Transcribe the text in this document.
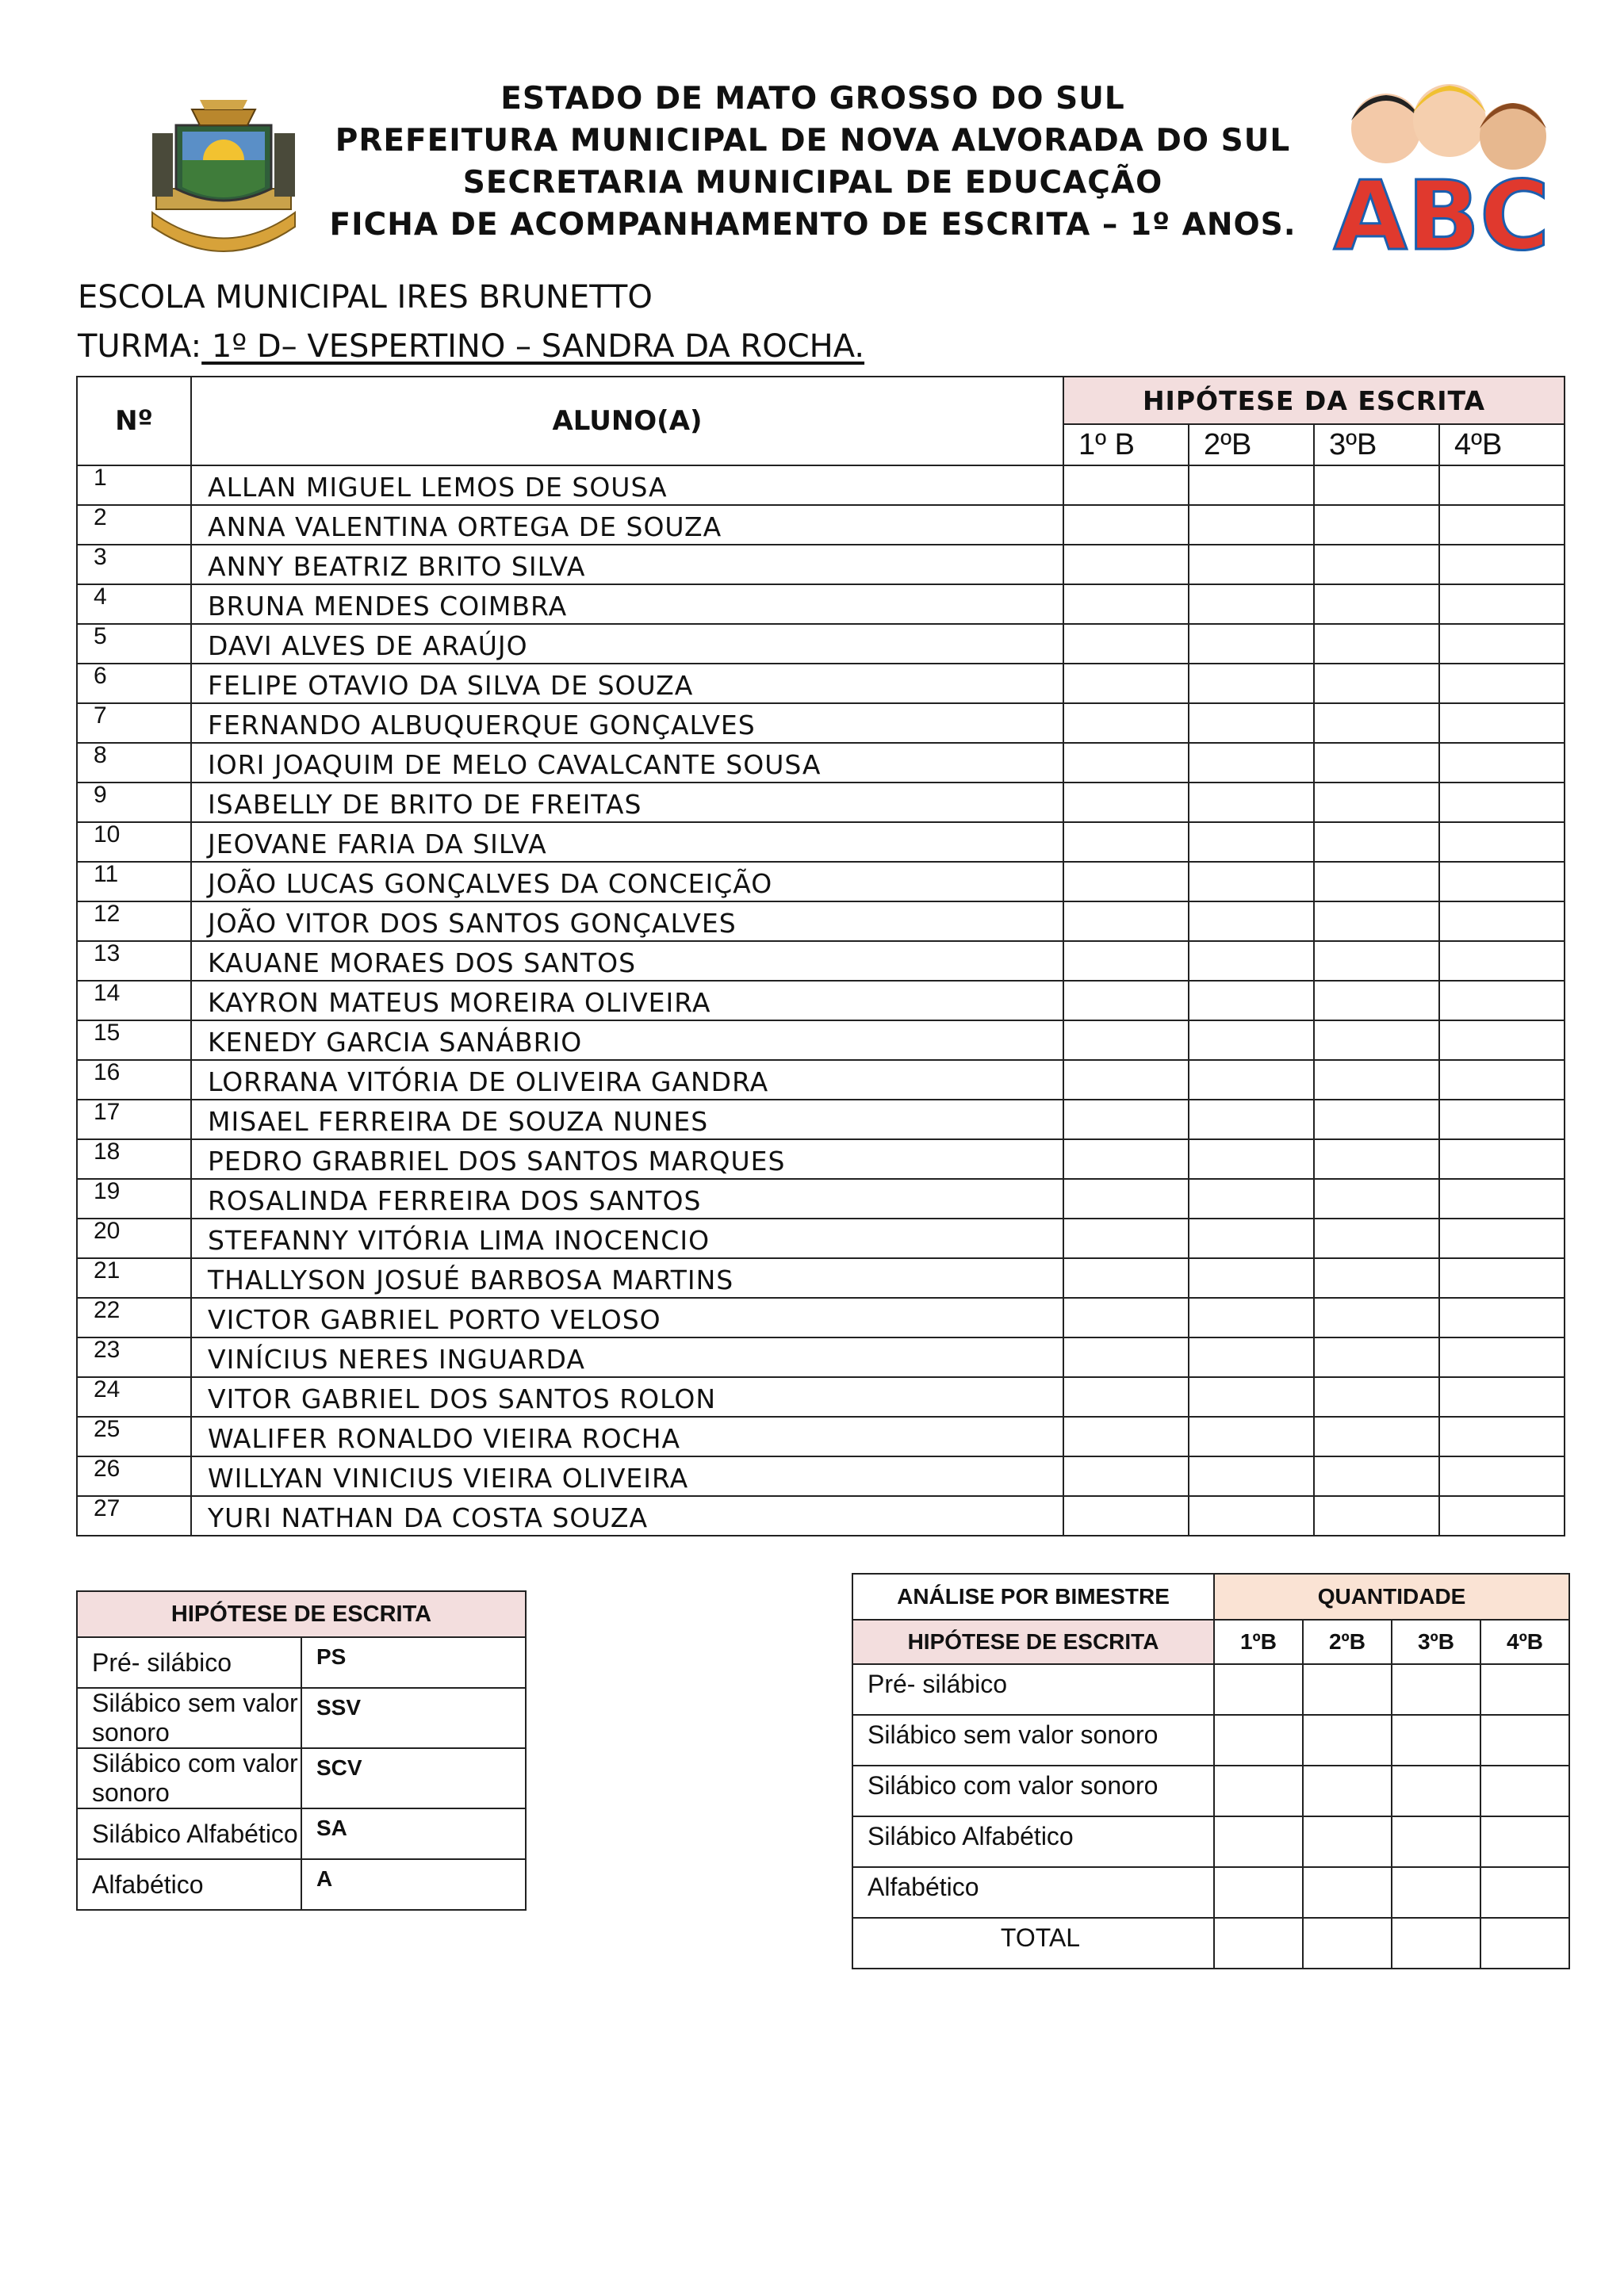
ABC
ESTADO DE MATO GROSSO DO SUL
PREFEITURA MUNICIPAL DE NOVA ALVORADA DO SUL
SECRETARIA MUNICIPAL DE EDUCAÇÃO
FICHA DE ACOMPANHAMENTO DE ESCRITA – 1º ANOS.
ESCOLA MUNICIPAL IRES BRUNETTO
TURMA: 1º D– VESPERTINO – SANDRA DA ROCHA.
Nº	ALUNO(A)	HIPÓTESE DA ESCRITA			
		1º B	2ºB	3ºB	4ºB
1	ALLAN MIGUEL LEMOS DE SOUSA				
2	ANNA VALENTINA ORTEGA DE SOUZA				
3	ANNY BEATRIZ BRITO SILVA				
4	BRUNA MENDES COIMBRA				
5	DAVI ALVES DE ARAÚJO				
6	FELIPE OTAVIO DA SILVA DE SOUZA				
7	FERNANDO ALBUQUERQUE GONÇALVES				
8	IORI JOAQUIM DE MELO CAVALCANTE SOUSA				
9	ISABELLY DE BRITO DE FREITAS				
10	JEOVANE FARIA DA SILVA				
11	JOÃO LUCAS GONÇALVES DA CONCEIÇÃO				
12	JOÃO VITOR DOS SANTOS GONÇALVES				
13	KAUANE MORAES DOS SANTOS				
14	KAYRON MATEUS MOREIRA OLIVEIRA				
15	KENEDY GARCIA SANÁBRIO				
16	LORRANA VITÓRIA DE OLIVEIRA GANDRA				
17	MISAEL FERREIRA DE SOUZA NUNES				
18	PEDRO GRABRIEL DOS SANTOS MARQUES				
19	ROSALINDA FERREIRA DOS SANTOS				
20	STEFANNY VITÓRIA LIMA INOCENCIO				
21	THALLYSON JOSUÉ BARBOSA MARTINS				
22	VICTOR GABRIEL PORTO VELOSO				
23	VINÍCIUS NERES INGUARDA				
24	VITOR GABRIEL DOS SANTOS ROLON				
25	WALIFER RONALDO VIEIRA ROCHA				
26	WILLYAN VINICIUS VIEIRA OLIVEIRA				
27	YURI NATHAN DA COSTA SOUZA				
HIPÓTESE DE ESCRITA	
Pré- silábico	PS
Silábico sem valor sonoro	SSV
Silábico com valor sonoro	SCV
Silábico Alfabético	SA
Alfabético	A
ANÁLISE POR BIMESTRE	QUANTIDADE			
HIPÓTESE DE ESCRITA	1ºB	2ºB	3ºB	4ºB
Pré- silábico				
Silábico sem valor sonoro				
Silábico com valor sonoro				
Silábico Alfabético				
Alfabético				
TOTAL				
